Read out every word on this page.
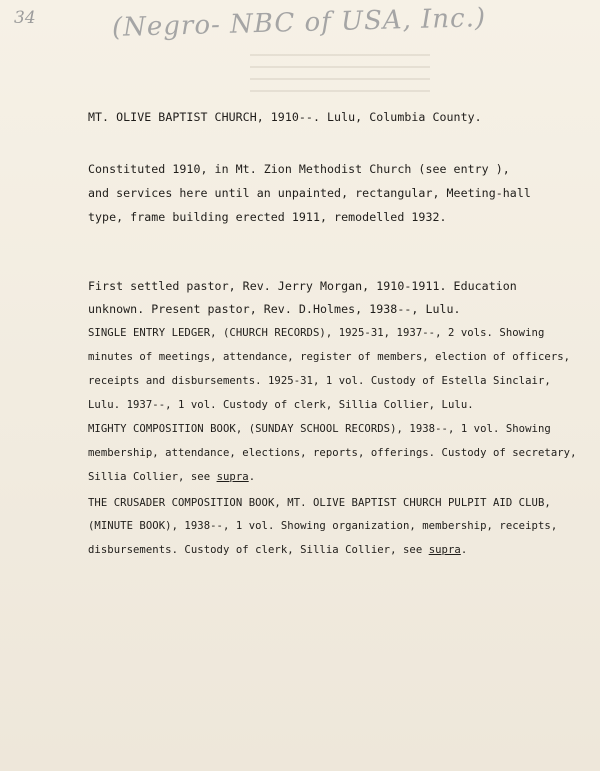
34	(Negro- NBC of USA, Inc.)
MT. OLIVE BAPTIST CHURCH, 1910--. Lulu, Columbia County.
Constituted 1910, in Mt. Zion Methodist Church (see entry ),
and services here until an unpainted, rectangular, Meeting-hall
type, frame building erected 1911, remodelled 1932.
First settled pastor, Rev. Jerry Morgan, 1910-1911. Education
unknown. Present pastor, Rev. D.Holmes, 1938--, Lulu.
SINGLE ENTRY LEDGER, (CHURCH RECORDS), 1925-31, 1937--, 2 vols. Showing
minutes of meetings, attendance, register of members, election of officers,
receipts and disbursements. 1925-31, 1 vol. Custody of Estella Sinclair,
Lulu. 1937--, 1 vol. Custody of clerk, Sillia Collier, Lulu.
MIGHTY COMPOSITION BOOK, (SUNDAY SCHOOL RECORDS), 1938--, 1 vol. Showing
membership, attendance, elections, reports, offerings. Custody of secretary,
Sillia Collier, see supra.
THE CRUSADER COMPOSITION BOOK, MT. OLIVE BAPTIST CHURCH PULPIT AID CLUB,
(MINUTE BOOK), 1938--, 1 vol. Showing organization, membership, receipts,
disbursements. Custody of clerk, Sillia Collier, see supra.
